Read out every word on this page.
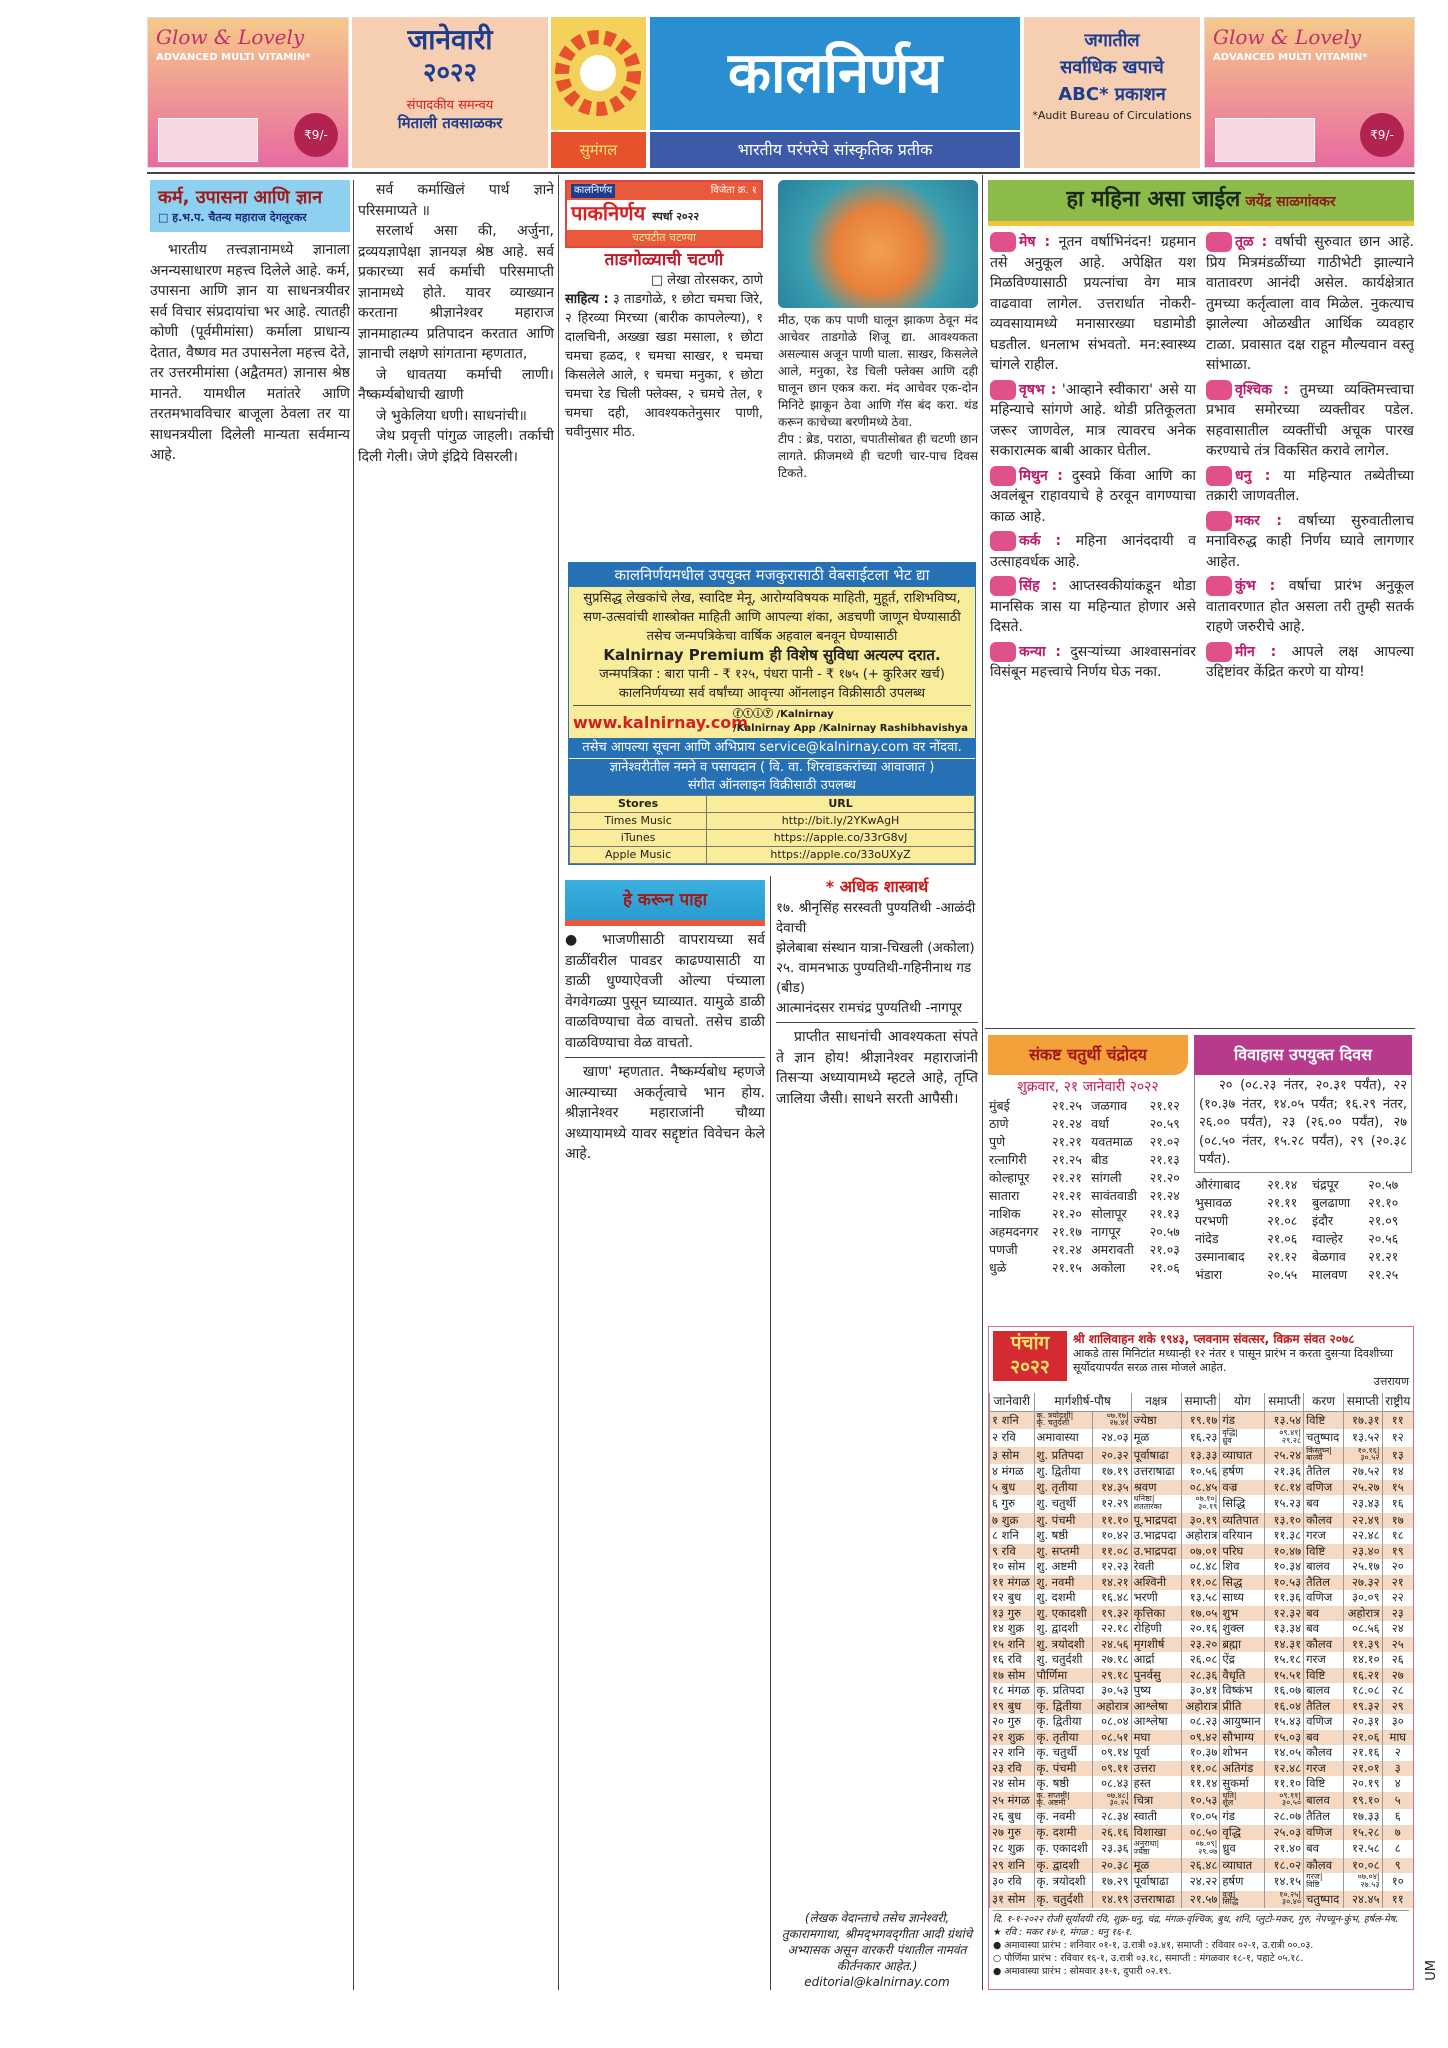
Glow & Lovely
ADVANCED MULTI VITAMIN*
₹9/-
जानेवारी
२०२२
संपादकीय समन्वय
मिताली तवसाळकर
सुमंगल
कालनिर्णय
भारतीय परंपरेचे सांस्कृतिक प्रतीक
जगातील
सर्वाधिक खपाचे
ABC* प्रकाशन
*Audit Bureau of Circulations
Glow & Lovely
ADVANCED MULTI VITAMIN*
₹9/-
कर्म, उपासना आणि ज्ञान
□ ह.भ.प. चैतन्य महाराज देगलूरकर

भारतीय तत्त्वज्ञानामध्ये ज्ञानाला अनन्यसाधारण महत्त्व दिलेले आहे. कर्म, उपासना आणि ज्ञान या साधनत्रयीवर सर्व विचार संप्रदायांचा भर आहे. त्यातही कोणी (पूर्वमीमांसा) कर्माला प्राधान्य देतात, वैष्णव मत उपासनेला महत्त्व देते, तर उत्तरमीमांसा (अद्वैतमत) ज्ञानास श्रेष्ठ मानते. यामधील मतांतरे आणि तरतमभावविचार बाजूला ठेवला तर या साधनत्रयीला दिलेली मान्यता सर्वमान्य आहे.

सर्व कर्माखिलं पार्थ ज्ञाने परिसमाप्यते ॥

सरलार्थ असा की, अर्जुना, द्रव्ययज्ञापेक्षा ज्ञानयज्ञ श्रेष्ठ आहे. सर्व प्रकारच्या सर्व कर्माची परिसमाप्ती ज्ञानामध्ये होते. यावर व्याख्यान करताना श्रीज्ञानेश्वर महाराज ज्ञानमाहात्म्य प्रतिपादन करतात आणि ज्ञानाची लक्षणे सांगताना म्हणतात,

जे धावतया कर्माची लाणी। नैष्कर्म्यबोधाची खाणी

जे भुकेलिया धणी। साधनांची॥

जेथ प्रवृत्ती पांगुळ जाहली। तर्काची दिली गेली। जेणे इंद्रिये विसरली।

कालनिर्णय	विजेता क्र. १
पाकनिर्णय स्पर्धा २०२२
चटपटीत चटण्या
ताडगोळ्याची चटणी
□ लेखा तोरसकर, ठाणे
साहित्य : ३ ताडगोळे, १ छोटा चमचा जिरे, २ हिरव्या मिरच्या (बारीक कापलेल्या), १ दालचिनी, अख्खा खडा मसाला, १ छोटा चमचा हळद, १ चमचा साखर, १ चमचा किसलेले आले, १ चमचा मनुका, १ छोटा चमचा रेड चिली फ्लेक्स, २ चमचे तेल, १ चमचा दही, आवश्यकतेनुसार पाणी, चवीनुसार मीठ.
मीठ, एक कप पाणी घालून झाकण ठेवून मंद आचेवर ताडगोळे शिजू द्या. आवश्यकता असल्यास अजून पाणी घाला. साखर, किसलेले आले, मनुका, रेड चिली फ्लेक्स आणि दही घालून छान एकत्र करा. मंद आचेवर एक-दोन मिनिटे झाकून ठेवा आणि गॅस बंद करा. थंड करून काचेच्या बरणीमध्ये ठेवा.

टीप : ब्रेड, पराठा, चपातीसोबत ही चटणी छान लागते. फ्रीजमध्ये ही चटणी चार-पाच दिवस टिकते.

कालनिर्णयमधील उपयुक्त मजकुरासाठी वेबसाईटला भेट द्या
सुप्रसिद्ध लेखकांचे लेख, स्वादिष्ट मेनू, आरोग्यविषयक माहिती, मुहूर्त, राशिभविष्य,
सण-उत्सवांची शास्त्रोक्त माहिती आणि आपल्या शंका, अडचणी जाणून घेण्यासाठी
तसेच जन्मपत्रिकेचा वार्षिक अहवाल बनवून घेण्यासाठी
Kalnirnay Premium ही विशेष सुविधा अत्यल्प दरात.
जन्मपत्रिका : बारा पानी - ₹ १२५, पंधरा पानी - ₹ १७५ (+ कुरिअर खर्च)
कालनिर्णयच्या सर्व वर्षांच्या आवृत्त्या ऑनलाइन विक्रीसाठी उपलब्ध
www.kalnirnay.com
ⓕⓣⓘⓨ /Kalnirnay
/Kalnirnay App /Kalnirnay Rashibhavishya
तसेच आपल्या सूचना आणि अभिप्राय service@kalnirnay.com वर नोंदवा.
ज्ञानेश्वरीतील नमने व पसायदान ( वि. वा. शिरवाडकरांच्या आवाजात )
संगीत ऑनलाइन विक्रीसाठी उपलब्ध
Stores	URL
Times Music	http://bit.ly/2YKwAgH
iTunes	https://apple.co/33rG8vJ
Apple Music	https://apple.co/33oUXyZ
हे करून पाहा
● भाजणीसाठी वापरायच्या सर्व डाळींवरील पावडर काढण्यासाठी या डाळी धुण्याऐवजी ओल्या पंच्याला वेगवेगळ्या पुसून घ्याव्यात. यामुळे डाळी वाळविण्याचा वेळ वाचतो. तसेच डाळी वाळविण्याचा वेळ वाचतो.

खाण' म्हणतात. नैष्कर्म्यबोध म्हणजे आत्म्याच्या अकर्तृत्वाचे भान होय. श्रीज्ञानेश्वर महाराजांनी चौथ्या अध्यायामध्ये यावर सद्दृष्टांत विवेचन केले आहे.

* अधिक शास्त्रार्थ
१७. श्रीनृसिंह सरस्वती पुण्यतिथी -आळंदी देवाची
झेलेबाबा संस्थान यात्रा-चिखली (अकोला)
२५. वामनभाऊ पुण्यतिथी-गहिनीनाथ गड (बीड)
आत्मानंदसर रामचंद्र पुण्यतिथी -नागपूर

प्राप्तीत साधनांची आवश्यकता संपते ते ज्ञान होय! श्रीज्ञानेश्वर महाराजांनी तिसऱ्या अध्यायामध्ये म्हटले आहे, तृप्ति जालिया जैसी। साधने सरती आपैसी।

(लेखक वेदान्ताचे तसेच ज्ञानेश्वरी, तुकारामगाथा, श्रीमद्‌भगवद्‌गीता आदी ग्रंथांचे अभ्यासक असून वारकरी पंथातील नामवंत कीर्तनकार आहेत.)
editorial@kalnirnay.com
हा महिना असा जाईल जयेंद्र साळगांवकर

मेष : नूतन वर्षाभिनंदन! ग्रहमान तसे अनुकूल आहे. अपेक्षित यश मिळविण्यासाठी प्रयत्नांचा वेग मात्र वाढवावा लागेल. उत्तरार्धात नोकरी-व्यवसायामध्ये मनासारख्या घडामोडी घडतील. धनलाभ संभवतो. मन:स्वास्थ्य चांगले राहील.

वृषभ : 'आव्हाने स्वीकारा' असे या महिन्याचे सांगणे आहे. थोडी प्रतिकूलता जरूर जाणवेल, मात्र त्यावरच अनेक सकारात्मक बाबी आकार घेतील.

मिथुन : दुस्वप्ने किंवा आणि का अवलंबून राहावयाचे हे ठरवून वागण्याचा काळ आहे.

कर्क : महिना आनंददायी व उत्साहवर्धक आहे.

सिंह : आप्तस्वकीयांकडून थोडा मानसिक त्रास या महिन्यात होणार असे दिसते.

कन्या : दुसऱ्यांच्या आश्वासनांवर विसंबून महत्त्वाचे निर्णय घेऊ नका.

तूळ : वर्षाची सुरुवात छान आहे. प्रिय मित्रमंडळींच्या गाठीभेटी झाल्याने वातावरण आनंदी असेल. कार्यक्षेत्रात तुमच्या कर्तृत्वाला वाव मिळेल. नुकत्याच झालेल्या ओळखीत आर्थिक व्यवहार टाळा. प्रवासात दक्ष राहून मौल्यवान वस्तू सांभाळा.

वृश्चिक : तुमच्या व्यक्तिमत्त्वाचा प्रभाव समोरच्या व्यक्तीवर पडेल. सहवासातील व्यक्तींची अचूक पारख करण्याचे तंत्र विकसित करावे लागेल.

धनु : या महिन्यात तब्येतीच्या तक्रारी जाणवतील.

मकर : वर्षाच्या सुरुवातीलाच मनाविरुद्ध काही निर्णय घ्यावे लागणार आहेत.

कुंभ : वर्षाचा प्रारंभ अनुकूल वातावरणात होत असला तरी तुम्ही सतर्क राहणे जरुरीचे आहे.

मीन : आपले लक्ष आपल्या उद्दिष्टांवर केंद्रित करणे या योग्य!

संकष्ट चतुर्थी चंद्रोदय
शुक्रवार, २१ जानेवारी २०२२
मुंबई	२१.२५	जळगाव	२१.१२
ठाणे	२१.२४	वर्धा	२०.५९
पुणे	२१.२१	यवतमाळ	२१.०२
रत्नागिरी	२१.२५	बीड	२१.१३
कोल्हापूर	२१.२१	सांगली	२१.२०
सातारा	२१.२१	सावंतवाडी	२१.२४
नाशिक	२१.२०	सोलापूर	२१.१३
अहमदनगर	२१.१७	नागपूर	२०.५७
पणजी	२१.२४	अमरावती	२१.०३
धुळे	२१.१५	अकोला	२१.०६
विवाहास उपयुक्त दिवस
२० (०८.२३ नंतर, २०.३१ पर्यंत), २२ (१०.३७ नंतर, १४.०५ पर्यंत; १६.२९ नंतर, २६.०० पर्यंत), २३ (२६.०० पर्यंत), २७ (०८.५० नंतर, १५.२८ पर्यंत), २९ (२०.३८ पर्यंत).
औरंगाबाद	२१.१४	चंद्रपूर	२०.५७
भुसावळ	२१.११	बुलढाणा	२१.१०
परभणी	२१.०८	इंदौर	२१.०९
नांदेड	२१.०६	ग्वाल्हेर	२०.५६
उस्मानाबाद	२१.१२	बेळगाव	२१.२१
भंडारा	२०.५५	मालवण	२१.२५
पंचांग
२०२२
श्री शालिवाहन शके १९४३, प्लवनाम संवत्सर, विक्रम संवत २०७८
आकडे तास मिनिटांत मध्यान्ही १२ नंतर १ पासून प्रारंभ न करता दुसऱ्या दिवशीच्या सूर्योदयापर्यंत सरळ तास मोजले आहेत.
उत्तरायण
जानेवारी	मार्गशीर्ष-पौष		नक्षत्र	समाप्ती	योग	समाप्ती	करण	समाप्ती	राष्ट्रीय
१ शनि	कृ. त्रयोदशी|कृ. चतुर्दशी	०७.१७|२७.४१	ज्येष्ठा	१९.१७	गंड	१३.५४	विष्टि	१७.३१	११
२ रवि	अमावास्या	२४.०३	मूळ	१६.२३	वृद्धि|ध्रुव	०९.४१|२९.२८	चतुष्पाद	१३.५२	१२
३ सोम	शु. प्रतिपदा	२०.३२	पूर्वाषाढा	१३.३३	व्याघात	२५.२४	किंस्तुघ्न|बालव	१०.१६|३०.५२	१३
४ मंगळ	शु. द्वितीया	१७.१९	उत्तराषाढा	१०.५६	हर्षण	२१.३६	तैतिल	२७.५२	१४
५ बुध	शु. तृतीया	१४.३५	श्रवण	०८.४५	वज्र	१८.१४	वणिज	२५.२७	१५
६ गुरु	शु. चतुर्थी	१२.२९	धनिष्ठा|शततारका	०७.१०|३०.१९	सिद्धि	१५.२३	बव	२३.४३	१६
७ शुक्र	शु. पंचमी	११.१०	पू.भाद्रपदा	३०.१९	व्यतिपात	१३.१०	कौलव	२२.४९	१७
८ शनि	शु. षष्ठी	१०.४२	उ.भाद्रपदा	अहोरात्र	वरियान	११.३८	गरज	२२.४८	१८
९ रवि	शु. सप्तमी	११.०८	उ.भाद्रपदा	०७.०१	परिघ	१०.४७	विष्टि	२३.४०	१९
१० सोम	शु. अष्टमी	१२.२३	रेवती	०८.४८	शिव	१०.३४	बालव	२५.१७	२०
११ मंगळ	शु. नवमी	१४.२१	अश्विनी	११.०८	सिद्ध	१०.५३	तैतिल	२७.३२	२१
१२ बुध	शु. दशमी	१६.४८	भरणी	१३.५८	साध्य	११.३६	वणिज	३०.०९	२२
१३ गुरु	शु. एकादशी	१९.३२	कृत्तिका	१७.०५	शुभ	१२.३२	बव	अहोरात्र	२३
१४ शुक्र	शु. द्वादशी	२२.१८	रोहिणी	२०.१६	शुक्ल	१३.३४	बव	०८.५६	२४
१५ शनि	शु. त्रयोदशी	२४.५६	मृगशीर्ष	२३.२०	ब्रह्मा	१४.३१	कौलव	११.३९	२५
१६ रवि	शु. चतुर्दशी	२७.१८	आर्द्रा	२६.०८	ऐंद्र	१५.१८	गरज	१४.१०	२६
१७ सोम	पौर्णिमा	२९.१८	पुनर्वसु	२८.३६	वैधृति	१५.५१	विष्टि	१६.२१	२७
१८ मंगळ	कृ. प्रतिपदा	३०.५३	पुष्य	३०.४१	विष्कंभ	१६.०७	बालव	१८.०८	२८
१९ बुध	कृ. द्वितीया	अहोरात्र	आश्लेषा	अहोरात्र	प्रीति	१६.०४	तैतिल	१९.३२	२९
२० गुरु	कृ. द्वितीया	०८.०४	आश्लेषा	०८.२३	आयुष्मान	१५.४३	वणिज	२०.३१	३०
२१ शुक्र	कृ. तृतीया	०८.५१	मघा	०९.४२	सौभाग्य	१५.०३	बव	२१.०६	माघ
२२ शनि	कृ. चतुर्थी	०९.१४	पूर्वा	१०.३७	शोभन	१४.०५	कौलव	२१.१६	२
२३ रवि	कृ. पंचमी	०९.११	उत्तरा	११.०८	अतिगंड	१२.४८	गरज	२१.०१	३
२४ सोम	कृ. षष्ठी	०८.४३	हस्त	११.१४	सुकर्मा	११.१०	विष्टि	२०.१९	४
२५ मंगळ	कृ. सप्तमी|कृ. अष्टमी	०७.४८|३०.२५	चित्रा	१०.५३	धृति|शूल	०९.११|३०.५०	बालव	१९.१०	५
२६ बुध	कृ. नवमी	२८.३४	स्वाती	१०.०५	गंड	२८.०७	तैतिल	१७.३३	६
२७ गुरु	कृ. दशमी	२६.१६	विशाखा	०८.५०	वृद्धि	२५.०३	वणिज	१५.२८	७
२८ शुक्र	कृ. एकादशी	२३.३६	अनुराधा|ज्येष्ठा	०७.०९|२९.०७	ध्रुव	२१.४०	बव	१२.५८	८
२९ शनि	कृ. द्वादशी	२०.३८	मूळ	२६.४८	व्याघात	१८.०२	कौलव	१०.०८	९
३० रवि	कृ. त्रयोदशी	१७.२९	पूर्वाषाढा	२४.२२	हर्षण	१४.१५	गरज|विष्टि	०७.०४|२७.५३	१०
३१ सोम	कृ. चतुर्दशी	१४.१९	उत्तराषाढा	२१.५७	वज्र|सिद्धि	१०.२५|३०.४०	चतुष्पाद	२४.४५	११
दि. १-१-२०२२ रोजी सूर्योदयी रवि, शुक्र-धनु, चंद्र, मंगळ-वृश्चिक, बुध, शनि, प्लुटो-मकर, गुरु, नेपच्यून-कुंभ, हर्षल-मेष.
★ रवि : मकर १४-१, मंगळ : धनु १६-१.
● अमावास्या प्रारंभ : शनिवार ०१-१, उ.रात्री ०३.४१, समाप्ती : रविवार ०२-१, उ.रात्री ००.०३.
○ पौर्णिमा प्रारंभ : रविवार १६-१, उ.रात्री ०३.१८, समाप्ती : मंगळवार १८-१, पहाटे ०५.१८.
● अमावास्या प्रारंभ : सोमवार ३१-१, दुपारी ०२.१९.	UM
